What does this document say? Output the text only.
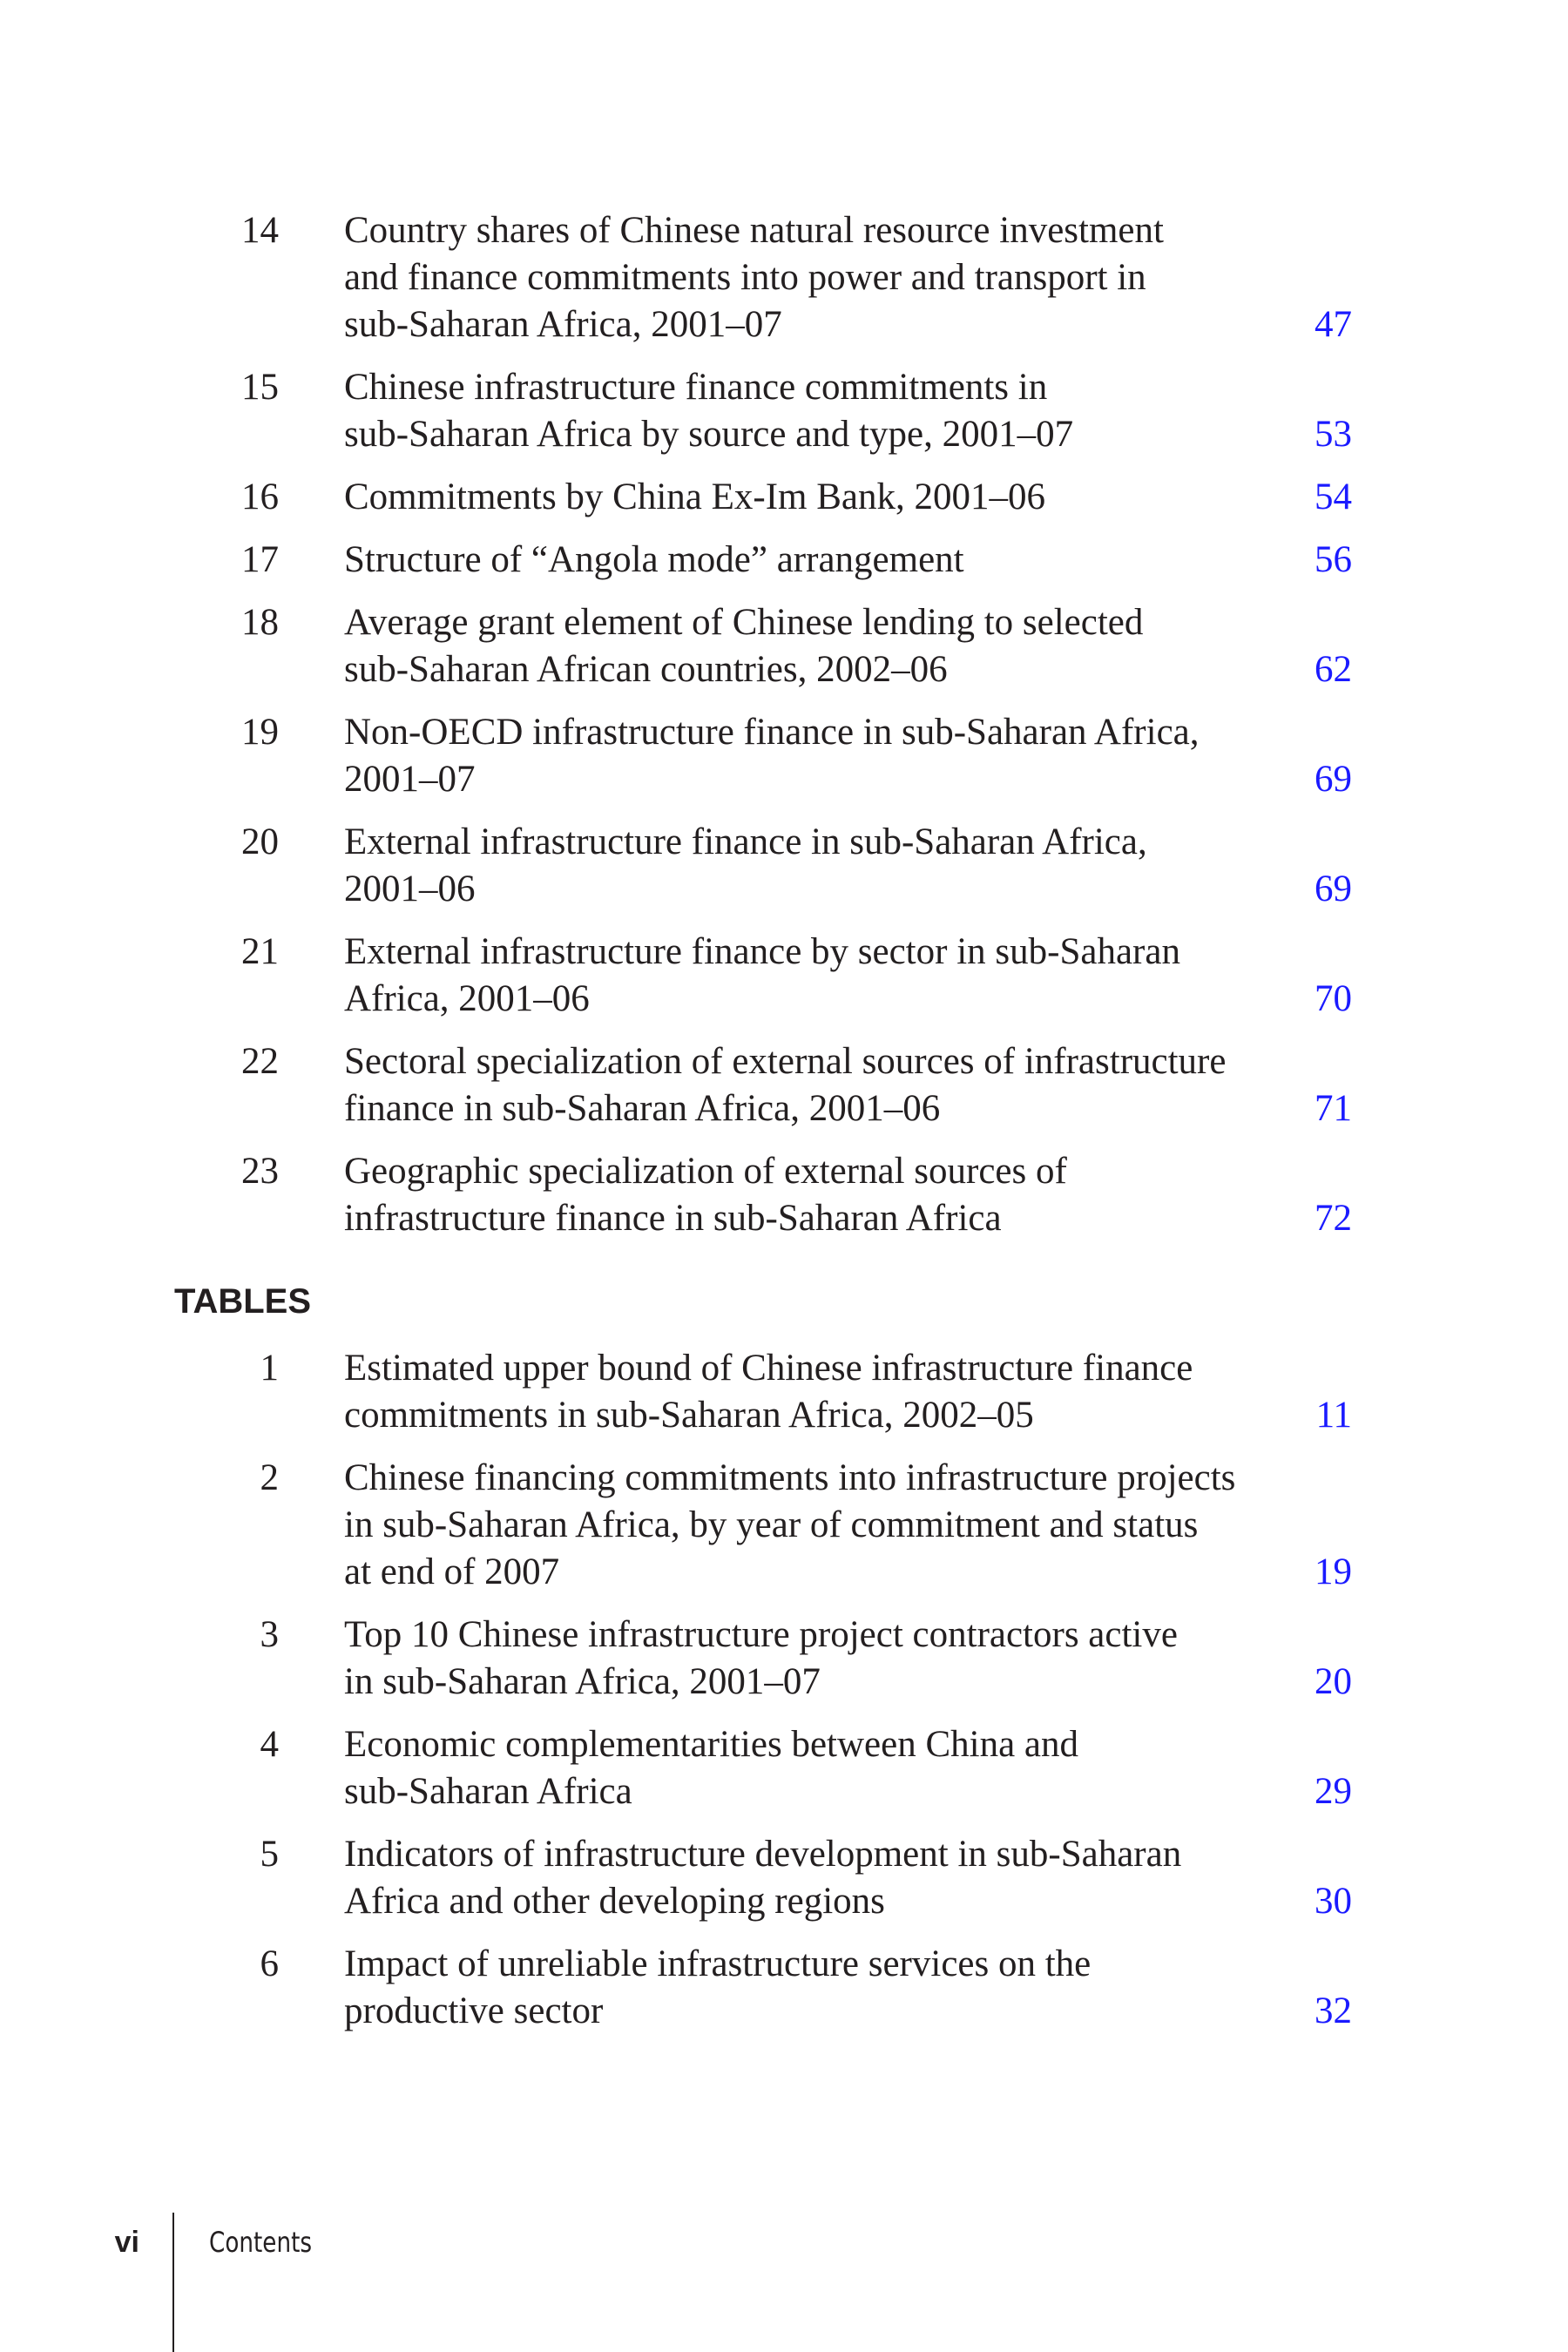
14 Country shares of Chinese natural resource investment
and finance commitments into power and transport in
sub-Saharan Africa, 2001–07	47
15 Chinese infrastructure finance commitments in
sub-Saharan Africa by source and type, 2001–07	53
16 Commitments by China Ex-Im Bank, 2001–06	54
17 Structure of “Angola mode” arrangement	56
18 Average grant element of Chinese lending to selected
sub-Saharan African countries, 2002–06	62
19 Non-OECD infrastructure finance in sub-Saharan Africa,
2001–07	69
20 External infrastructure finance in sub-Saharan Africa,
2001–06	69
21 External infrastructure finance by sector in sub-Saharan
Africa, 2001–06	70
22 Sectoral specialization of external sources of infrastructure
finance in sub-Saharan Africa, 2001–06	71
23 Geographic specialization of external sources of
infrastructure finance in sub-Saharan Africa	72
TABLES
1 Estimated upper bound of Chinese infrastructure finance
commitments in sub-Saharan Africa, 2002–05	11
2 Chinese financing commitments into infrastructure projects
in sub-Saharan Africa, by year of commitment and status
at end of 2007	19
3 Top 10 Chinese infrastructure project contractors active
in sub-Saharan Africa, 2001–07	20
4 Economic complementarities between China and
sub-Saharan Africa	29
5 Indicators of infrastructure development in sub-Saharan
Africa and other developing regions	30
6 Impact of unreliable infrastructure services on the
productive sector	32
vi	Contents
